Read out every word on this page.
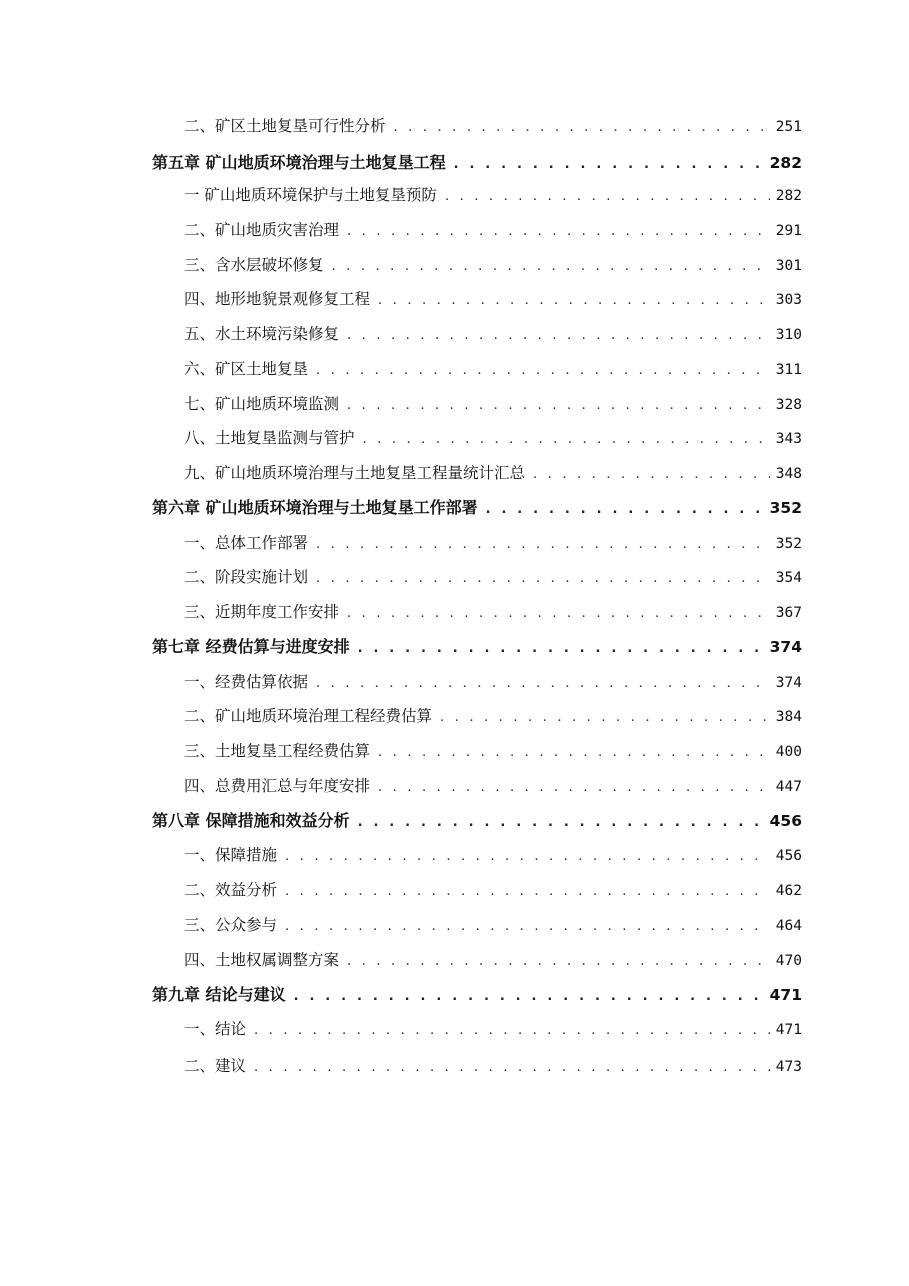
二、矿区土地复垦可行性分析 . . .	251
第五章 矿山地质环境治理与土地复垦工程 . . .	282
一 矿山地质环境保护与土地复垦预防 . . .	282
二、矿山地质灾害治理 . . .	291
三、含水层破坏修复 . . .	301
四、地形地貌景观修复工程 . . .	303
五、水土环境污染修复 . . .	310
六、矿区土地复垦 . . .	311
七、矿山地质环境监测 . . .	328
八、土地复垦监测与管护 . . .	343
九、矿山地质环境治理与土地复垦工程量统计汇总 . . .	348
第六章 矿山地质环境治理与土地复垦工作部署 . . .	352
一、总体工作部署 . . .	352
二、阶段实施计划 . . .	354
三、近期年度工作安排 . . .	367
第七章 经费估算与进度安排 . . .	374
一、经费估算依据 . . .	374
二、矿山地质环境治理工程经费估算 . . .	384
三、土地复垦工程经费估算 . . .	400
四、总费用汇总与年度安排 . . .	447
第八章 保障措施和效益分析 . . .	456
一、保障措施 . . .	456
二、效益分析 . . .	462
三、公众参与 . . .	464
四、土地权属调整方案 . . .	470
第九章 结论与建议 . . .	471
一、结论 . . .	471
二、建议 . . .	473
